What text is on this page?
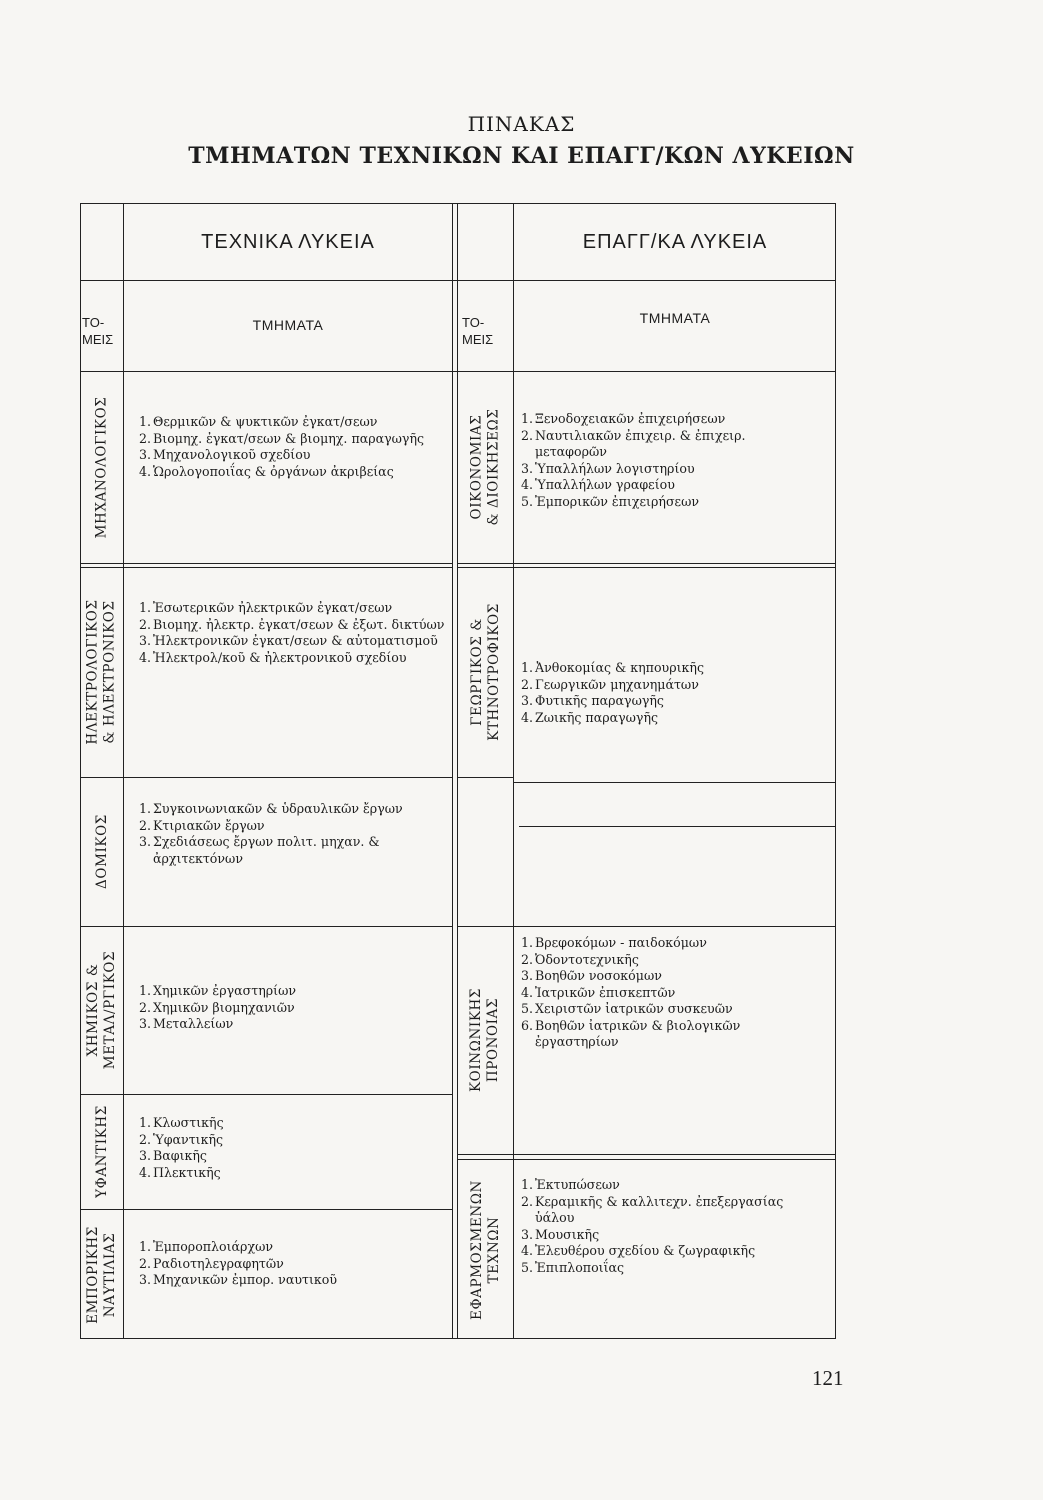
ΠΙΝΑΚΑΣ
ΤΜΗΜΑΤΩΝ ΤΕΧΝΙΚΩΝ ΚΑΙ ΕΠΑΓΓ/ΚΩΝ ΛΥΚΕΙΩΝ
ΤΕΧΝΙΚΑ ΛΥΚΕΙΑ	ΕΠΑΓΓ/ΚΑ ΛΥΚΕΙΑ
ΤΟ-
ΜΕΙΣ
ΤΜΗΜΑΤΑ	ΤΟ-
ΜΕΙΣ
ΤΜΗΜΑΤΑ
ΜΗΧΑΝΟΛΟΓΙΚΟΣ
ΗΛΕΚΤΡΟΛΟΓΙΚΟΣ & ΗΛΕΚΤΡΟΝΙΚΟΣ
ΔΟΜΙΚΟΣ
ΧΗΜΙΚΟΣ & ΜΕΤΑΛ/ΡΓΙΚΟΣ
ΥΦΑΝΤΙΚΗΣ
ΕΜΠΟΡΙΚΗΣ ΝΑΥΤΙΛΙΑΣ
1. Θερμικῶν & ψυκτικῶν ἐγκατ/σεων
2. Βιομηχ. ἐγκατ/σεων & βιομηχ. παραγωγῆς
3. Μηχανολογικοῦ σχεδίου
4. Ὡρολογοποιΐας & ὀργάνων ἀκριβείας
1. Ἐσωτερικῶν ἠλεκτρικῶν ἐγκατ/σεων
2. Βιομηχ. ἠλεκτρ. ἐγκατ/σεων & ἐξωτ. δικτύων
3. Ἠλεκτρονικῶν ἐγκατ/σεων & αὐτοματισμοῦ
4. Ἠλεκτρολ/κοῦ & ἠλεκτρονικοῦ σχεδίου
1. Συγκοινωνιακῶν & ὑδραυλικῶν ἔργων
2. Κτιριακῶν ἔργων
3. Σχεδιάσεως ἔργων πολιτ. μηχαν. & ἀρχιτεκτόνων
1. Χημικῶν ἐργαστηρίων
2. Χημικῶν βιομηχανιῶν
3. Μεταλλείων
1. Κλωστικῆς
2. Ὑφαντικῆς
3. Βαφικῆς
4. Πλεκτικῆς
1. Ἐμποροπλοιάρχων
2. Ραδιοτηλεγραφητῶν
3. Μηχανικῶν ἐμπορ. ναυτικοῦ
ΟΙΚΟΝΟΜΙΑΣ & ΔΙΟΙΚΗΣΕΩΣ
ΓΕΩΡΓΙΚΟΣ & ΚΤΗΝΟΤΡΟΦΙΚΟΣ
ΚΟΙΝΩΝΙΚΗΣ ΠΡΟΝΟΙΑΣ
ΕΦΑΡΜΟΣΜΕΝΩΝ ΤΕΧΝΩΝ
1. Ξενοδοχειακῶν ἐπιχειρήσεων
2. Ναυτιλιακῶν ἐπιχειρ. & ἐπιχειρ. μεταφορῶν
3. Ὑπαλλήλων λογιστηρίου
4. Ὑπαλλήλων γραφείου
5. Ἐμπορικῶν ἐπιχειρήσεων
1. Ἀνθοκομίας & κηπουρικῆς
2. Γεωργικῶν μηχανημάτων
3. Φυτικῆς παραγωγῆς
4. Ζωικῆς παραγωγῆς
1. Βρεφοκόμων - παιδοκόμων
2. Ὀδοντοτεχνικῆς
3. Βοηθῶν νοσοκόμων
4. Ἰατρικῶν ἐπισκεπτῶν
5. Χειριστῶν ἰατρικῶν συσκευῶν
6. Βοηθῶν ἰατρικῶν & βιολογικῶν ἐργαστηρίων
1. Ἐκτυπώσεων
2. Κεραμικῆς & καλλιτεχν. ἐπεξεργασίας ὑάλου
3. Μουσικῆς
4. Ἐλευθέρου σχεδίου & ζωγραφικῆς
5. Ἐπιπλοποιΐας
121
